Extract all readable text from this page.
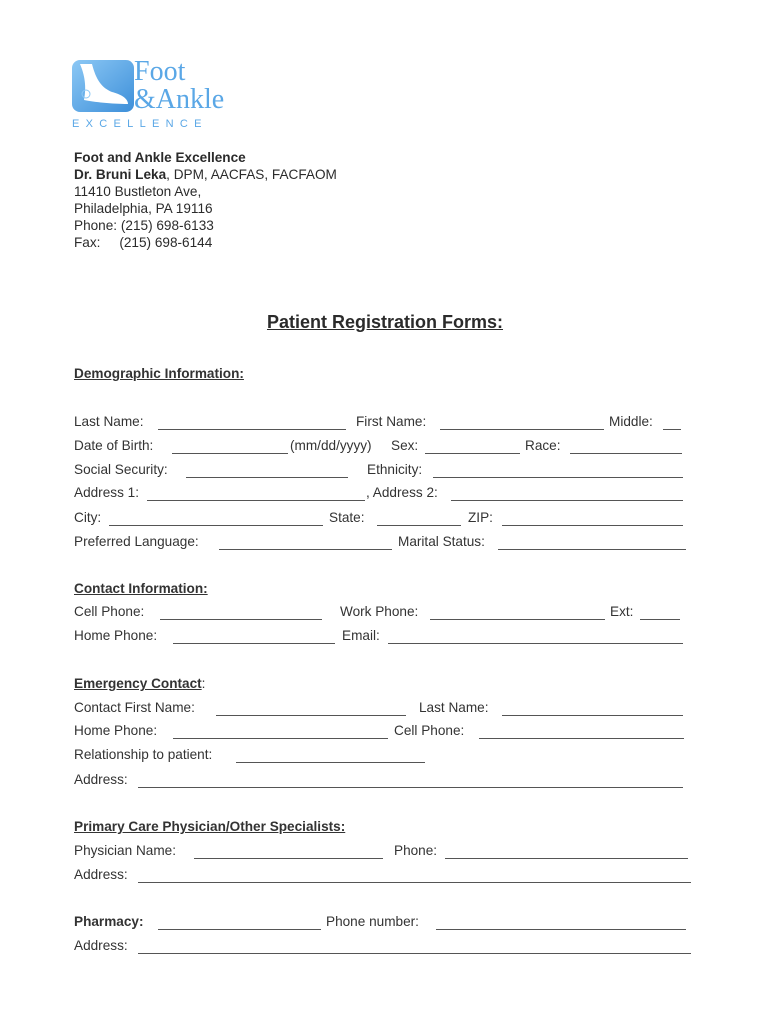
Foot
&Ankle
EXCELLENCE
Foot and Ankle Excellence
Dr. Bruni Leka, DPM, AACFAS, FACFAOM
11410 Bustleton Ave,
Philadelphia, PA 19116
Phone: (215) 698-6133
Fax:     (215) 698-6144
Patient Registration Forms:
Demographic Information:
Last Name:	First Name:	Middle:
Date of Birth:	(mm/dd/yyyy) Sex:	Race:
Social Security:	Ethnicity:
Address 1:	, Address 2:
City:	State:	ZIP:
Preferred Language:	Marital Status:
Contact Information:
Cell Phone:	Work Phone:	Ext:
Home Phone:	Email:
Emergency Contact:
Contact First Name:	Last Name:
Home Phone:	Cell Phone:
Relationship to patient:
Address:
Primary Care Physician/Other Specialists:
Physician Name:	Phone:
Address:
Pharmacy:	Phone number:
Address:
